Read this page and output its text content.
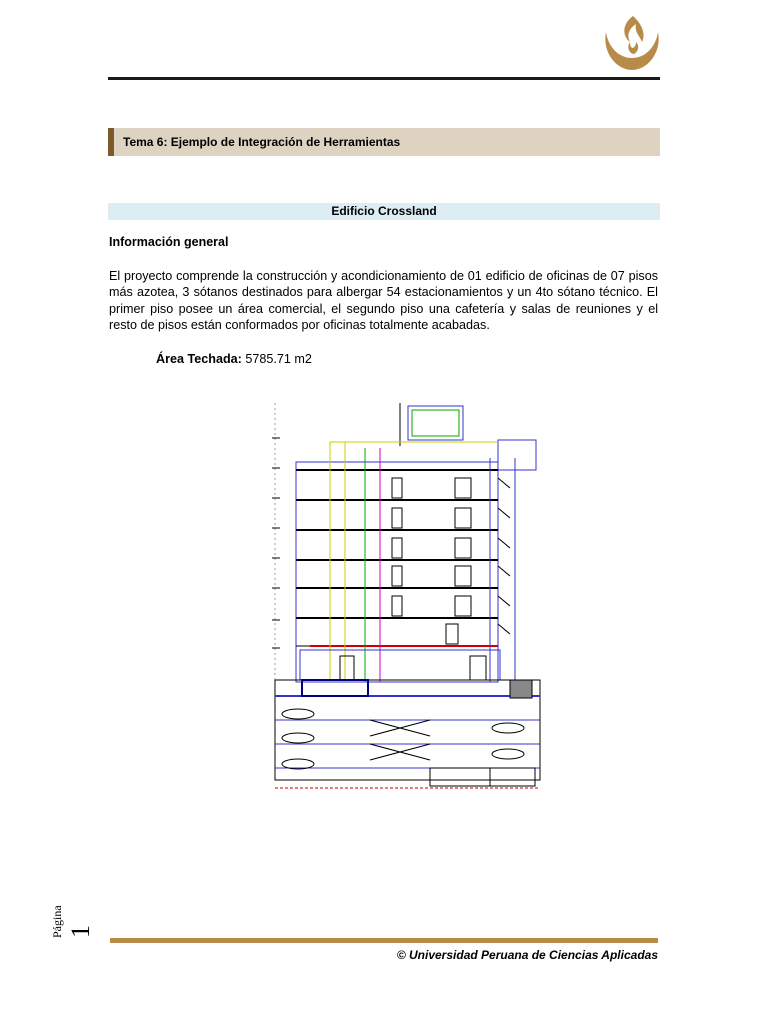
Tema 6: Ejemplo de Integración de Herramientas
Edificio Crossland
Información general

El proyecto comprende la construcción y acondicionamiento de 01 edificio de oficinas de 07 pisos más azotea, 3 sótanos destinados para albergar 54 estacionamientos y un 4to sótano técnico. El primer piso posee un área comercial, el segundo piso una cafetería y salas de reuniones y el resto de pisos están conformados por oficinas totalmente acabadas.

Área Techada: 5785.71 m2
Página 1
© Universidad Peruana de Ciencias Aplicadas
